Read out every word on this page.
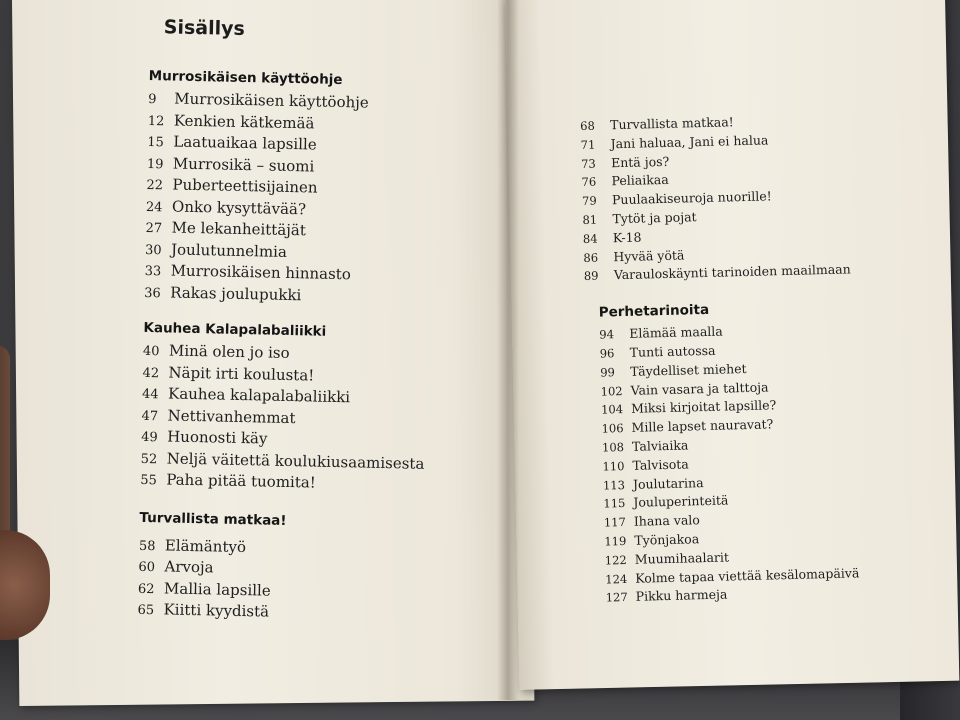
Sisällys
Murrosikäisen käyttöohje
9	Murrosikäisen käyttöohje
12 Kenkien kätkemää
15 Laatuaikaa lapsille
19 Murrosikä – suomi
22 Puberteettisijainen
24 Onko kysyttävää?
27 Me lekanheittäjät
30 Joulutunnelmia
33 Murrosikäisen hinnasto
36 Rakas joulupukki
Kauhea Kalapalabaliikki
40 Minä olen jo iso
42 Näpit irti koulusta!
44 Kauhea kalapalabaliikki
47 Nettivanhemmat
49 Huonosti käy
52 Neljä väitettä koulukiusaamisesta
55 Paha pitää tuomita!
Turvallista matkaa!
58 Elämäntyö
60 Arvoja
62 Mallia lapsille
65 Kiitti kyydistä
68	Turvallista matkaa!
71	Jani haluaa, Jani ei halua
73	Entä jos?
76	Peliaikaa
79	Puulaakiseuroja nuorille!
81	Tytöt ja pojat
84	K-18
86	Hyvää yötä
89	Varauloskäynti tarinoiden maailmaan
Perhetarinoita
94	Elämää maalla
96	Tunti autossa
99	Täydelliset miehet
102 Vain vasara ja talttoja
104 Miksi kirjoitat lapsille?
106 Mille lapset nauravat?
108 Talviaika
110 Talvisota
113 Joulutarina
115 Jouluperinteitä
117 Ihana valo
119 Työnjakoa
122 Muumihaalarit
124 Kolme tapaa viettää kesälomapäivä
127 Pikku harmeja
